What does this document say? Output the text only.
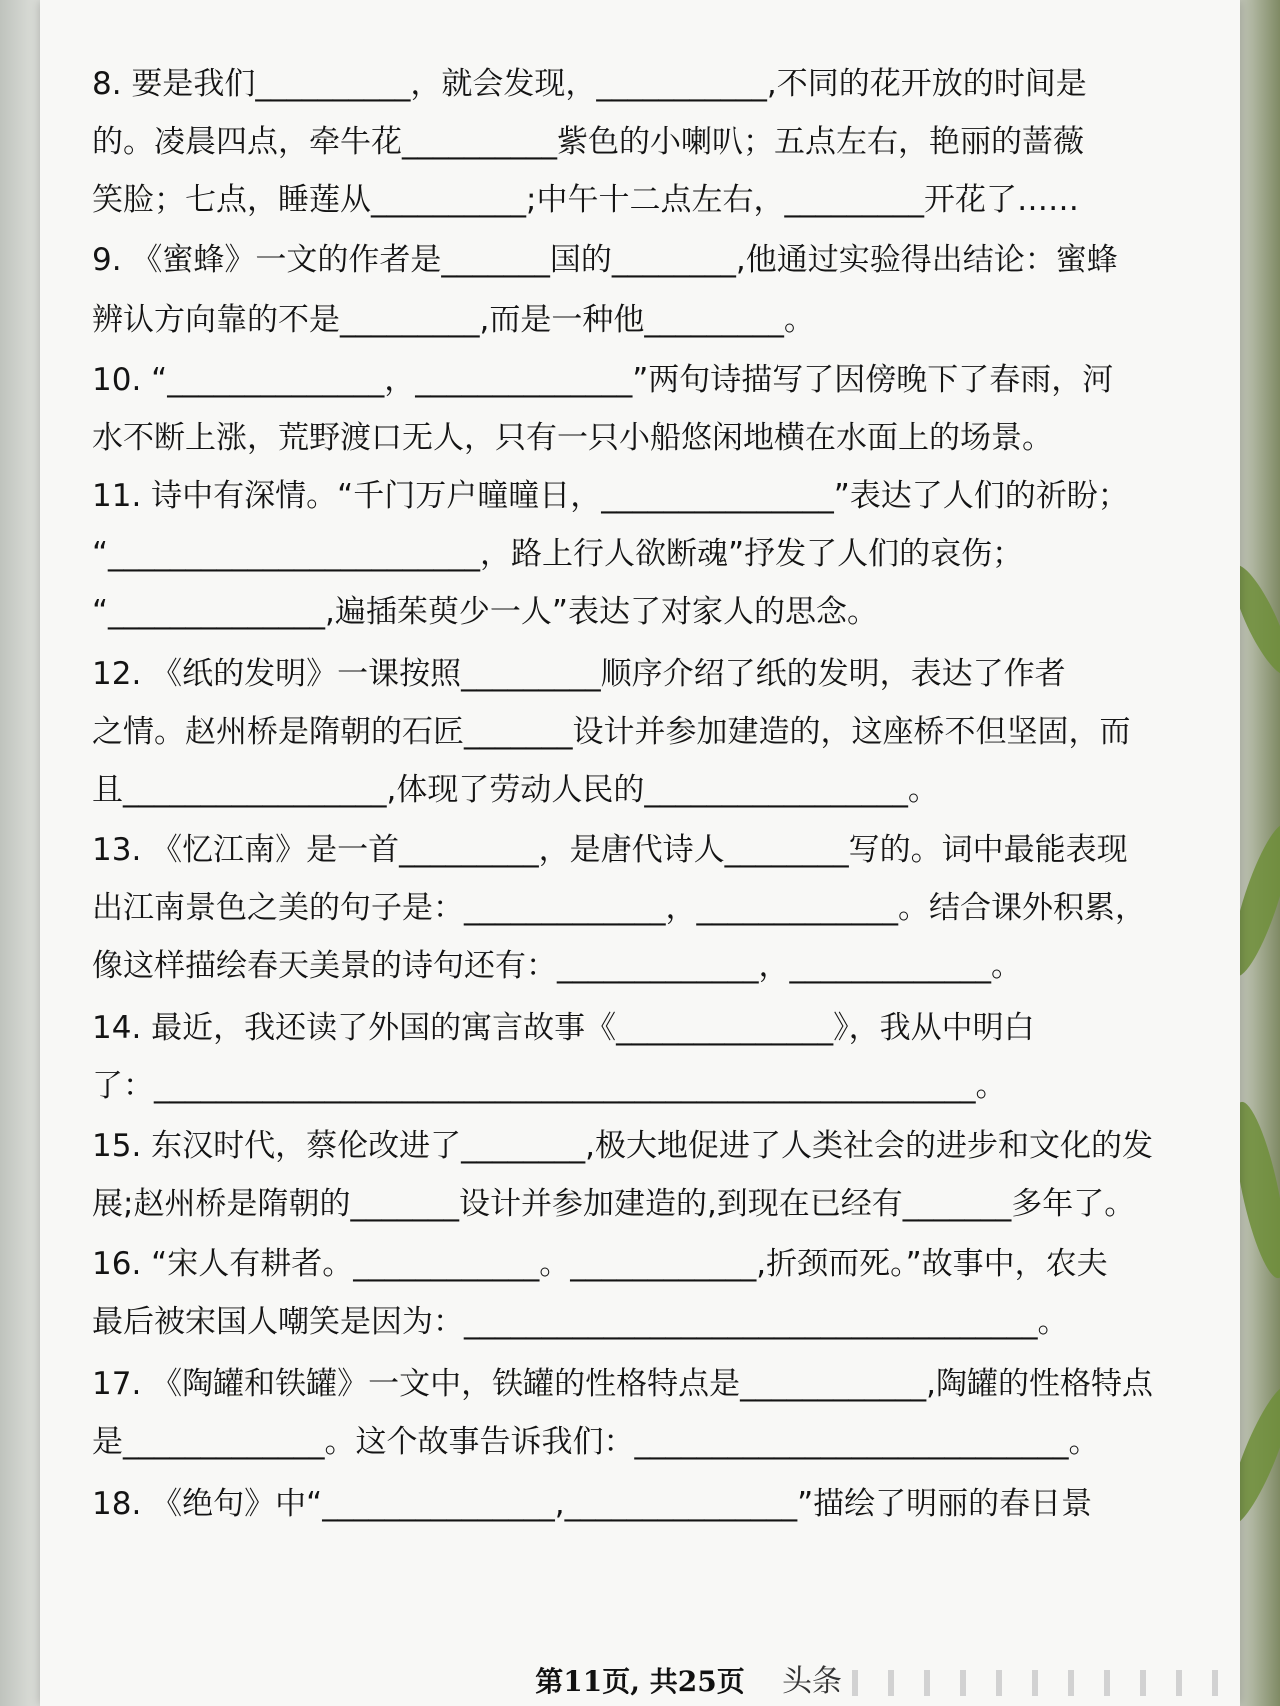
8. 要是我们__________，就会发现，___________,不同的花开放的时间是
的。凌晨四点，牵牛花__________紫色的小喇叭；五点左右，艳丽的蔷薇
笑脸；七点，睡莲从__________;中午十二点左右，_________开花了……
9. 《蜜蜂》一文的作者是_______国的________,他通过实验得出结论：蜜蜂
辨认方向靠的不是_________,而是一种他_________。
10. “______________，______________”两句诗描写了因傍晚下了春雨，河
水不断上涨，荒野渡口无人，只有一只小船悠闲地横在水面上的场景。
11. 诗中有深情。“千门万户曈曈日，_______________”表达了人们的祈盼；
“________________________，路上行人欲断魂”抒发了人们的哀伤；
“______________,遍插茱萸少一人”表达了对家人的思念。
12. 《纸的发明》一课按照_________顺序介绍了纸的发明，表达了作者
之情。赵州桥是隋朝的石匠_______设计并参加建造的，这座桥不但坚固，而
且_________________,体现了劳动人民的_________________。
13. 《忆江南》是一首_________，是唐代诗人________写的。词中最能表现
出江南景色之美的句子是：_____________，_____________。结合课外积累，
像这样描绘春天美景的诗句还有：_____________，_____________。
14. 最近，我还读了外国的寓言故事《______________》，我从中明白
了：_____________________________________________________。
15. 东汉时代，蔡伦改进了________,极大地促进了人类社会的进步和文化的发
展;赵州桥是隋朝的_______设计并参加建造的,到现在已经有_______多年了。
16. “宋人有耕者。____________。____________,折颈而死。”故事中，农夫
最后被宋国人嘲笑是因为：_____________________________________。
17. 《陶罐和铁罐》一文中，铁罐的性格特点是____________,陶罐的性格特点
是_____________。这个故事告诉我们：____________________________。
18. 《绝句》中“_______________,_______________”描绘了明丽的春日景
第11页, 共25页	头条
